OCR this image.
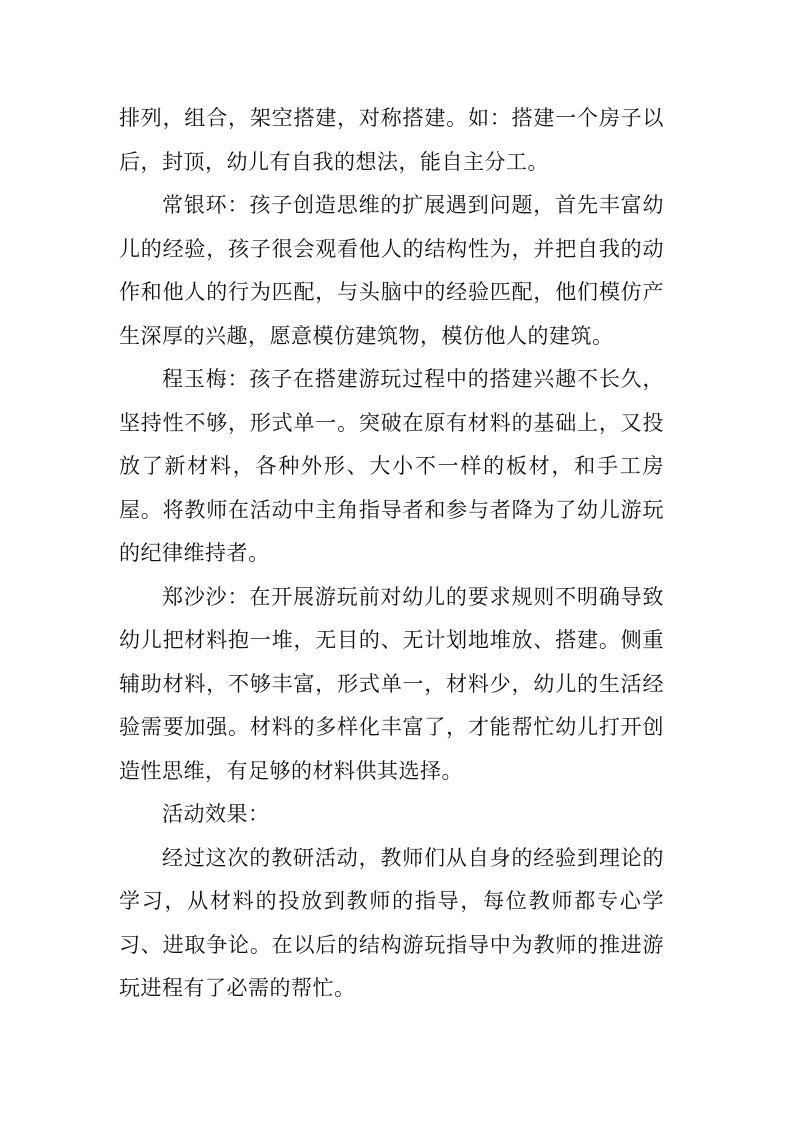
排列，组合，架空搭建，对称搭建。如：搭建一个房子以后，封顶，幼儿有自我的想法，能自主分工。

常银环：孩子创造思维的扩展遇到问题，首先丰富幼儿的经验，孩子很会观看他人的结构性为，并把自我的动作和他人的行为匹配，与头脑中的经验匹配，他们模仿产生深厚的兴趣，愿意模仿建筑物，模仿他人的建筑。

程玉梅：孩子在搭建游玩过程中的搭建兴趣不长久，坚持性不够，形式单一。突破在原有材料的基础上，又投放了新材料，各种外形、大小不一样的板材，和手工房屋。将教师在活动中主角指导者和参与者降为了幼儿游玩的纪律维持者。

郑沙沙：在开展游玩前对幼儿的要求规则不明确导致幼儿把材料抱一堆，无目的、无计划地堆放、搭建。侧重辅助材料，不够丰富，形式单一，材料少，幼儿的生活经验需要加强。材料的多样化丰富了，才能帮忙幼儿打开创造性思维，有足够的材料供其选择。

活动效果：

经过这次的教研活动，教师们从自身的经验到理论的学习，从材料的投放到教师的指导，每位教师都专心学习、进取争论。在以后的结构游玩指导中为教师的推进游玩进程有了必需的帮忙。
